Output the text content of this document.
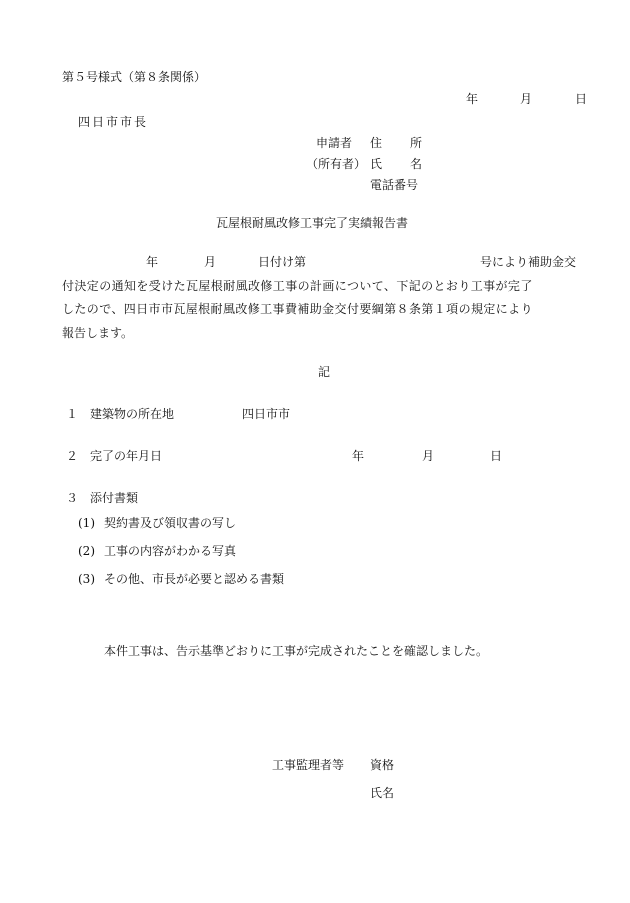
第５号様式（第８条関係）
年	月	日
四日市市長
申請者 住 所
（所有者） 氏 名
電話番号
瓦屋根耐風改修工事完了実績報告書
年	月	日付け第	号により補助金交
付決定の通知を受けた瓦屋根耐風改修工事の計画について、下記のとおり工事が完了
したので、四日市市瓦屋根耐風改修工事費補助金交付要綱第８条第１項の規定により
報告します。
記
１ 建築物の所在地	四日市市
２ 完了の年月日	年	月	日
３ 添付書類
(1) 契約書及び領収書の写し
(2) 工事の内容がわかる写真
(3) その他、市長が必要と認める書類
本件工事は、告示基準どおりに工事が完成されたことを確認しました。
工事監理者等 資格
氏名
